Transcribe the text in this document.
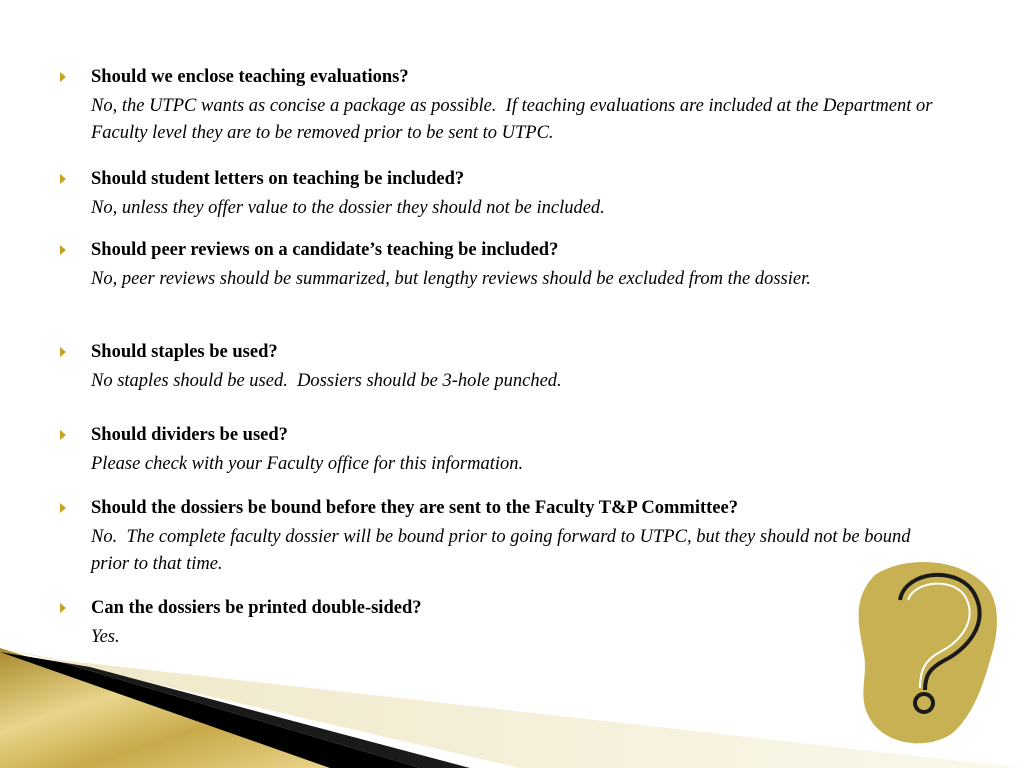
Should we enclose teaching evaluations?
No, the UTPC wants as concise a package as possible.  If teaching evaluations are included at the Department or Faculty level they are to be removed prior to be sent to UTPC.
Should student letters on teaching be included?
No, unless they offer value to the dossier they should not be included.
Should peer reviews on a candidate’s teaching be included?
No, peer reviews should be summarized, but lengthy reviews should be excluded from the dossier.
Should staples be used?
No staples should be used.  Dossiers should be 3-hole punched.
Should dividers be used?
Please check with your Faculty office for this information.
Should the dossiers be bound before they are sent to the Faculty T&P Committee?
No.  The complete faculty dossier will be bound prior to going forward to UTPC, but they should not be bound prior to that time.
Can the dossiers be printed double-sided?
Yes.
